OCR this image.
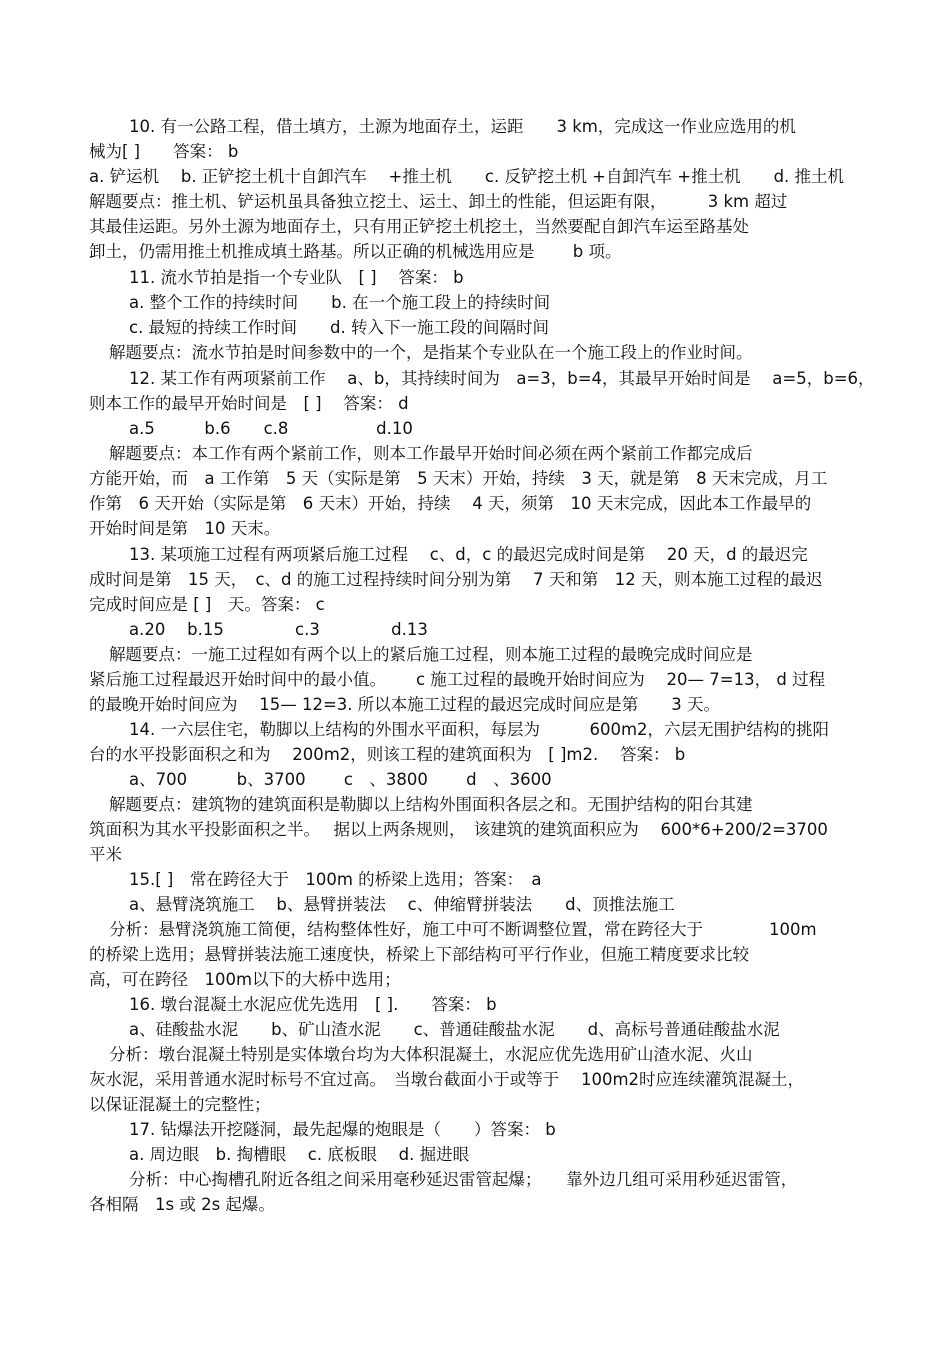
10. 有一公路工程，借土填方，土源为地面存土，运距　　3 km，完成这一作业应选用的机
械为[ ]　　答案： b
a. 铲运机　 b. 正铲挖土机十自卸汽车　 +推土机　　c. 反铲挖土机 +自卸汽车 +推土机　　d. 推土机
解题要点：推土机、铲运机虽具备独立挖土、运土、卸土的性能，但运距有限，　　　3 km 超过
其最佳运距。另外土源为地面存土，只有用正铲挖土机挖土，当然要配自卸汽车运至路基处
卸土，仍需用推土机推成填土路基。所以正确的机械选用应是　　 b 项。
11. 流水节拍是指一个专业队　[ ]　 答案： b
a. 整个工作的持续时间　　b. 在一个施工段上的持续时间
c. 最短的持续工作时间　　d. 转入下一施工段的间隔时间
解题要点：流水节拍是时间参数中的一个，是指某个专业队在一个施工段上的作业时间。
12. 某工作有两项紧前工作　 a、b，其持续时间为　a=3，b=4，其最早开始时间是　 a=5，b=6，
则本工作的最早开始时间是　[ ]　 答案： d
a.5　　　b.6　　c.8　　　　　 d.10
解题要点：本工作有两个紧前工作，则本工作最早开始时间必须在两个紧前工作都完成后
方能开始，而　a 工作第　5 天（实际是第　5 天末）开始，持续　3 天，就是第　8 天末完成，月工
作第　6 天开始（实际是第　6 天末）开始，持续　 4 天，须第　10 天末完成，因此本工作最早的
开始时间是第　10 天末。
13. 某项施工过程有两项紧后施工过程　 c、d，c 的最迟完成时间是第　 20 天，d 的最迟完
成时间是第　15 天，　c、d 的施工过程持续时间分别为第　 7 天和第　12 天，则本施工过程的最迟
完成时间应是 [ ]　天。答案： c
a.20　 b.15　　　　 c.3　　　　 d.13
解题要点：一施工过程如有两个以上的紧后施工过程，则本施工过程的最晚完成时间应是
紧后施工过程最迟开始时间中的最小值。　　 c 施工过程的最晚开始时间应为　 20— 7=13， d 过程
的最晚开始时间应为　 15— 12=3. 所以本施工过程的最迟完成时间应是第　　3 天。
14. 一六层住宅，勒脚以上结构的外围水平面积，每层为　　　600m2，六层无围护结构的挑阳
台的水平投影面积之和为　 200m2，则该工程的建筑面积为　[ ]m2.　 答案： b
a、700　　　b、3700　　 c　、3800　　 d　、3600
解题要点：建筑物的建筑面积是勒脚以上结构外围面积各层之和。无围护结构的阳台其建
筑面积为其水平投影面积之半。　 据以上两条规则，　该建筑的建筑面积应为　 600*6+200/2=3700
平米
15.[ ]　常在跨径大于　100m 的桥梁上选用；答案：　a
a、悬臂浇筑施工　 b、悬臂拼装法　 c、伸缩臂拼装法　　d、顶推法施工
分析：悬臂浇筑施工简便，结构整体性好，施工中可不断调整位置，常在跨径大于　　　　100m
的桥梁上选用；悬臂拼装法施工速度快，桥梁上下部结构可平行作业，但施工精度要求比较
高，可在跨径　100m以下的大桥中选用；
16. 墩台混凝土水泥应优先选用　[ ].　　答案： b
a、硅酸盐水泥　　b、矿山渣水泥　　c、普通硅酸盐水泥　　d、高标号普通硅酸盐水泥
分析：墩台混凝土特别是实体墩台均为大体积混凝土，水泥应优先选用矿山渣水泥、火山
灰水泥，采用普通水泥时标号不宜过高。　当墩台截面小于或等于　 100m2时应连续灌筑混凝土，
以保证混凝土的完整性；
17. 钻爆法开挖隧洞，最先起爆的炮眼是（　　）答案： b
a. 周边眼　b. 掏槽眼　 c. 底板眼　 d. 掘进眼
分析：中心掏槽孔附近各组之间采用毫秒延迟雷管起爆；　　靠外边几组可采用秒延迟雷管，
各相隔　1s 或 2s 起爆。
